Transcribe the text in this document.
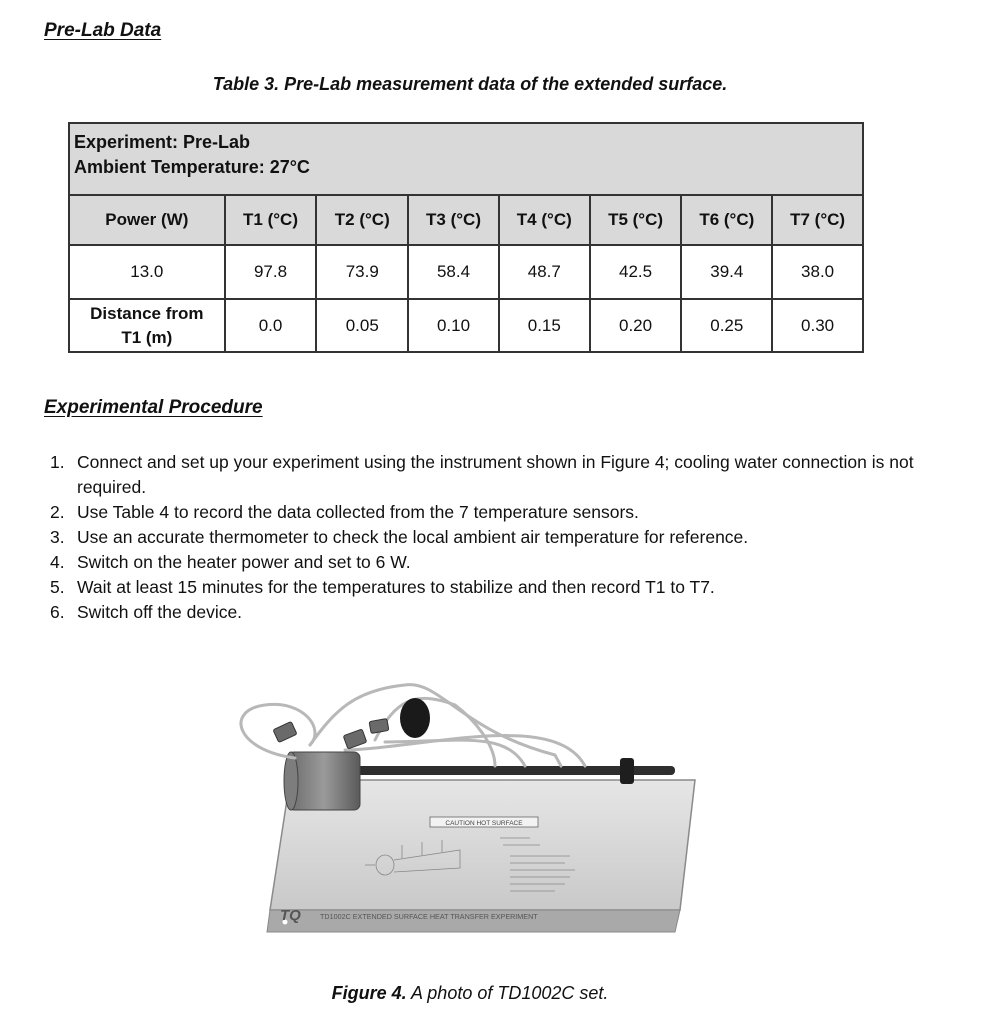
Pre-Lab Data
Table 3. Pre-Lab measurement data of the extended surface.
Experiment: Pre-Lab
Ambient Temperature: 27°C							

Power (W)	T1 (°C)	T2 (°C)	T3 (°C)	T4 (°C)	T5 (°C)	T6 (°C)	T7 (°C)
13.0	97.8	73.9	58.4	48.7	42.5	39.4	38.0

Distance from
T1 (m)	0.0	0.05	0.10	0.15	0.20	0.25	0.30
Experimental Procedure
1. Connect and set up your experiment using the instrument shown in Figure 4; cooling water connection is not required.
2. Use Table 4 to record the data collected from the 7 temperature sensors.
3. Use an accurate thermometer to check the local ambient air temperature for reference.
4. Switch on the heater power and set to 6 W.
5. Wait at least 15 minutes for the temperatures to stabilize and then record T1 to T7.
6. Switch off the device.
CAUTION HOT SURFACE
TQ	TD1002C EXTENDED SURFACE HEAT TRANSFER EXPERIMENT
Figure 4. A photo of TD1002C set.
